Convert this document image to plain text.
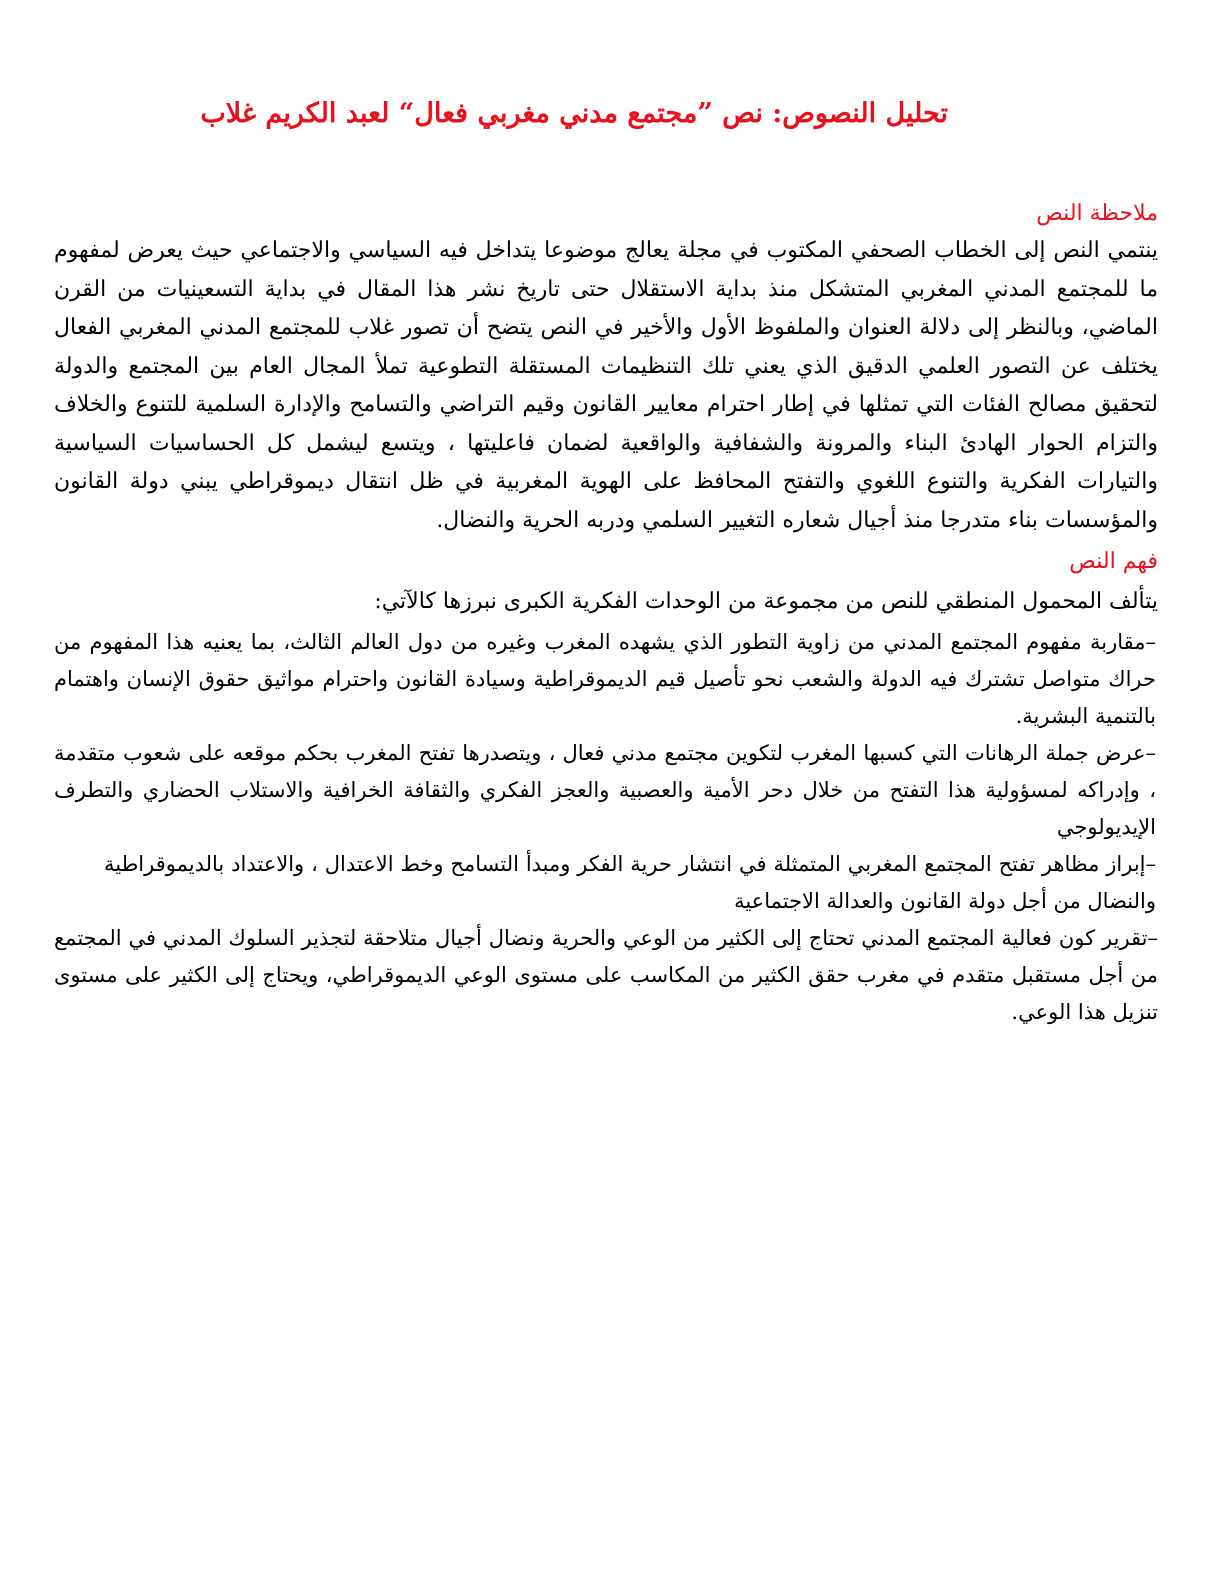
تحليل النصوص: نص ”مجتمع مدني مغربي فعال“ لعبد الكريم غلاب
ملاحظة النص

ينتمي النص إلى الخطاب الصحفي المكتوب في مجلة يعالج موضوعا يتداخل فيه السياسي والاجتماعي حيث يعرض لمفهوم ما للمجتمع المدني المغربي المتشكل منذ بداية الاستقلال حتى تاريخ نشر هذا المقال في بداية التسعينيات من القرن الماضي، وبالنظر إلى دلالة العنوان والملفوظ الأول والأخير في النص يتضح أن تصور غلاب للمجتمع المدني المغربي الفعال يختلف عن التصور العلمي الدقيق الذي يعني تلك التنظيمات المستقلة التطوعية تملأ المجال العام بين المجتمع والدولة لتحقيق مصالح الفئات التي تمثلها في إطار احترام معايير القانون وقيم التراضي والتسامح والإدارة السلمية للتنوع والخلاف والتزام الحوار الهادئ البناء والمرونة والشفافية والواقعية لضمان فاعليتها ، ويتسع ليشمل كل الحساسيات السياسية والتيارات الفكرية والتنوع اللغوي والتفتح المحافظ على الهوية المغربية في ظل انتقال ديموقراطي يبني دولة القانون والمؤسسات بناء متدرجا منذ أجيال شعاره التغيير السلمي ودربه الحرية والنضال.

فهم النص

يتألف المحمول المنطقي للنص من مجموعة من الوحدات الفكرية الكبرى نبرزها كالآتي:

–مقاربة مفهوم المجتمع المدني من زاوية التطور الذي يشهده المغرب وغيره من دول العالم الثالث، بما يعنيه هذا المفهوم من حراك متواصل تشترك فيه الدولة والشعب نحو تأصيل قيم الديموقراطية وسيادة القانون واحترام مواثيق حقوق الإنسان واهتمام بالتنمية البشرية.

–عرض جملة الرهانات التي كسبها المغرب لتكوين مجتمع مدني فعال ، ويتصدرها تفتح المغرب بحكم موقعه على شعوب متقدمة ، وإدراكه لمسؤولية هذا التفتح من خلال دحر الأمية والعصبية والعجز الفكري والثقافة الخرافية والاستلاب الحضاري والتطرف الإيديولوجي

–إبراز مظاهر تفتح المجتمع المغربي المتمثلة في انتشار حرية الفكر ومبدأ التسامح وخط الاعتدال ، والاعتداد بالديموقراطية والنضال من أجل دولة القانون والعدالة الاجتماعية

–تقرير كون فعالية المجتمع المدني تحتاج إلى الكثير من الوعي والحرية ونضال أجيال متلاحقة لتجذير السلوك المدني في المجتمع من أجل مستقبل متقدم في مغرب حقق الكثير من المكاسب على مستوى الوعي الديموقراطي، ويحتاج إلى الكثير على مستوى تنزيل هذا الوعي.
